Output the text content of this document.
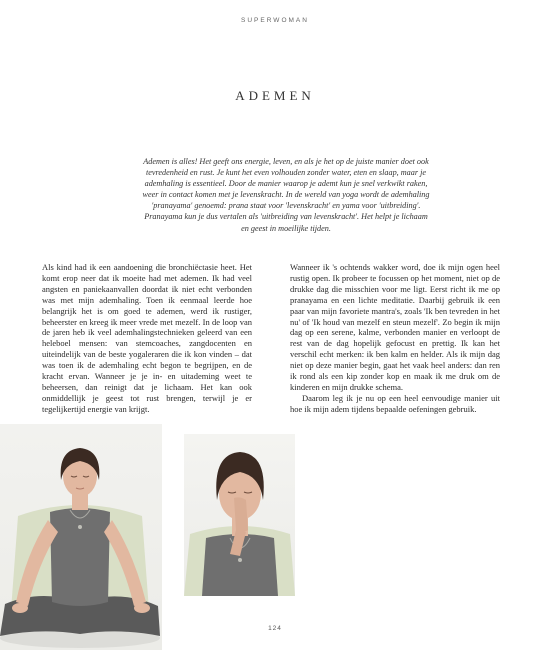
SUPERWOMAN
ADEMEN
Ademen is alles! Het geeft ons energie, leven, en als je het op de juiste manier doet ook tevredenheid en rust. Je kunt het even volhouden zonder water, eten en slaap, maar je ademhaling is essentieel. Door de manier waarop je ademt kun je snel verkwikt raken, weer in contact komen met je levenskracht. In de wereld van yoga wordt de ademhaling 'pranayama' genoemd: prana staat voor 'levenskracht' en yama voor 'uitbreiding'. Pranayama kun je dus vertalen als 'uitbreiding van levenskracht'. Het helpt je lichaam en geest in moeilijke tijden.

Als kind had ik een aandoening die bronchiëctasie heet. Het komt erop neer dat ik moeite had met ademen. Ik had veel angsten en paniekaanvallen doordat ik niet echt verbonden was met mijn ademhaling. Toen ik eenmaal leerde hoe belangrijk het is om goed te ademen, werd ik rustiger, beheerster en kreeg ik meer vrede met mezelf. In de loop van de jaren heb ik veel ademhalingstechnieken geleerd van een heleboel mensen: van stemcoaches, zangdocenten en uiteindelijk van de beste yogaleraren die ik kon vinden – dat was toen ik de ademhaling echt begon te begrijpen, en de kracht ervan. Wanneer je je in- en uitademing weet te beheersen, dan reinigt dat je lichaam. Het kan ook onmiddellijk je geest tot rust brengen, terwijl je er tegelijkertijd energie van krijgt.

Wanneer ik 's ochtends wakker word, doe ik mijn ogen heel rustig open. Ik probeer te focussen op het moment, niet op de drukke dag die misschien voor me ligt. Eerst richt ik me op pranayama en een lichte meditatie. Daarbij gebruik ik een paar van mijn favoriete mantra's, zoals 'Ik ben tevreden in het nu' of 'Ik houd van mezelf en steun mezelf'. Zo begin ik mijn dag op een serene, kalme, verbonden manier en verloopt de rest van de dag hopelijk gefocust en prettig. Ik kan het verschil echt merken: ik ben kalm en helder. Als ik mijn dag niet op deze manier begin, gaat het vaak heel anders: dan ren ik rond als een kip zonder kop en maak ik me druk om de kinderen en mijn drukke schema.

Daarom leg ik je nu op een heel eenvoudige manier uit hoe ik mijn adem tijdens bepaalde oefeningen gebruik.

124
